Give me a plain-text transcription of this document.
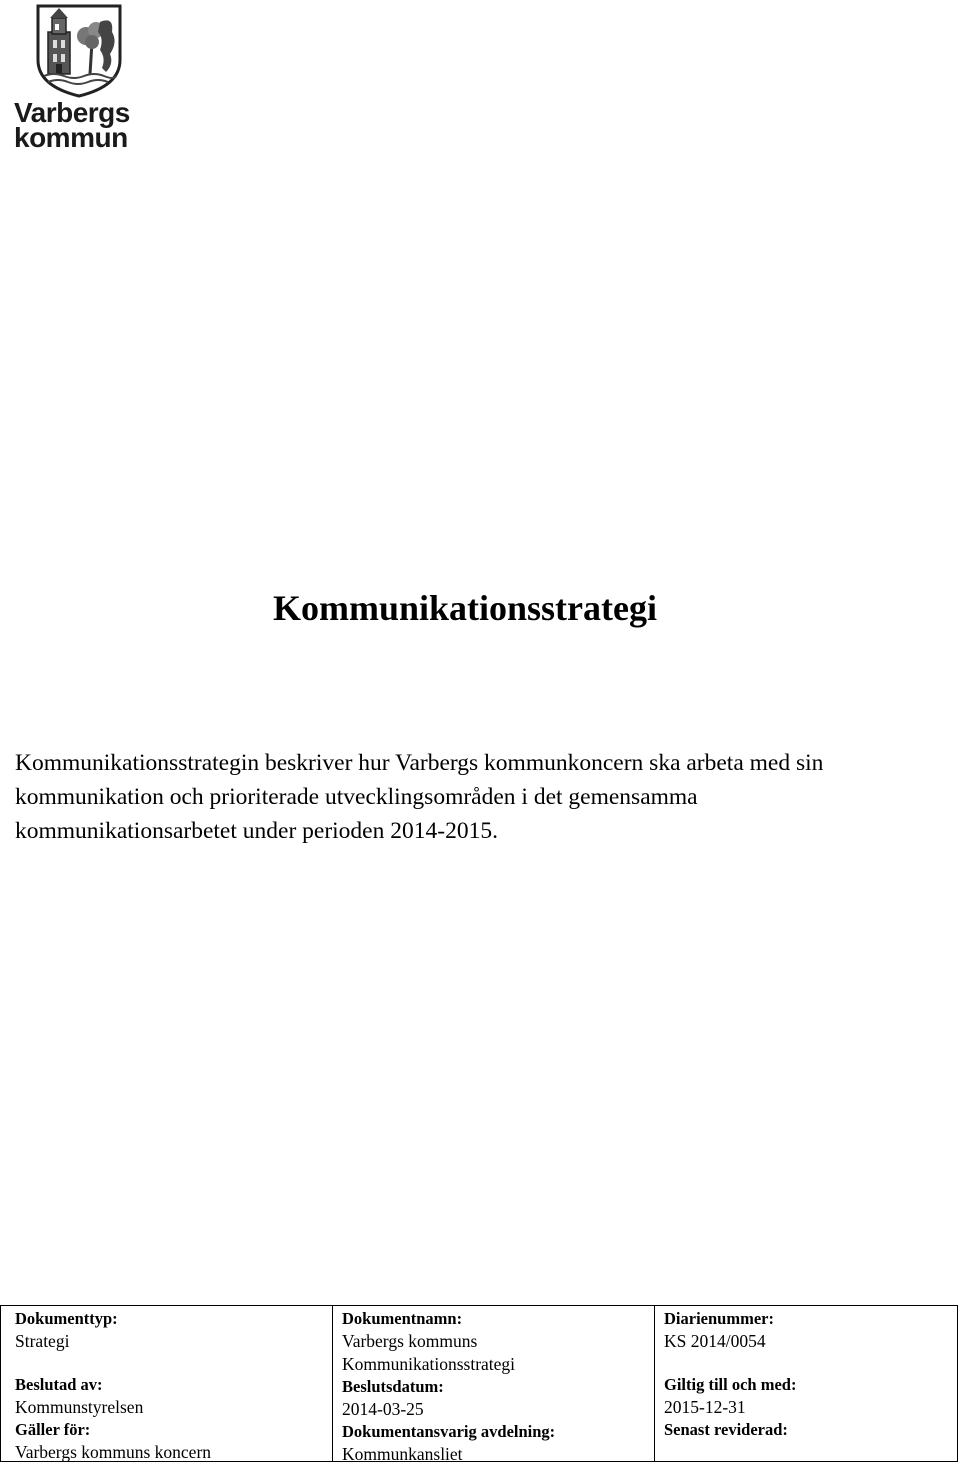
Varbergs
kommun
Kommunikationsstrategi

Kommunikationsstrategin beskriver hur Varbergs kommunkoncern ska arbeta med sin kommunikation och prioriterade utvecklingsområden i det gemensamma kommunikationsarbetet under perioden 2014-2015.

Dokumenttyp:
Strategi
Beslutad av:
Kommunstyrelsen
Gäller för:
Varbergs kommuns koncern
Dokumentnamn:
Varbergs kommuns
Kommunikationsstrategi
Beslutsdatum:
2014-03-25
Dokumentansvarig avdelning:
Kommunkansliet
Diarienummer:
KS 2014/0054
Giltig till och med:
2015-12-31
Senast reviderad:
